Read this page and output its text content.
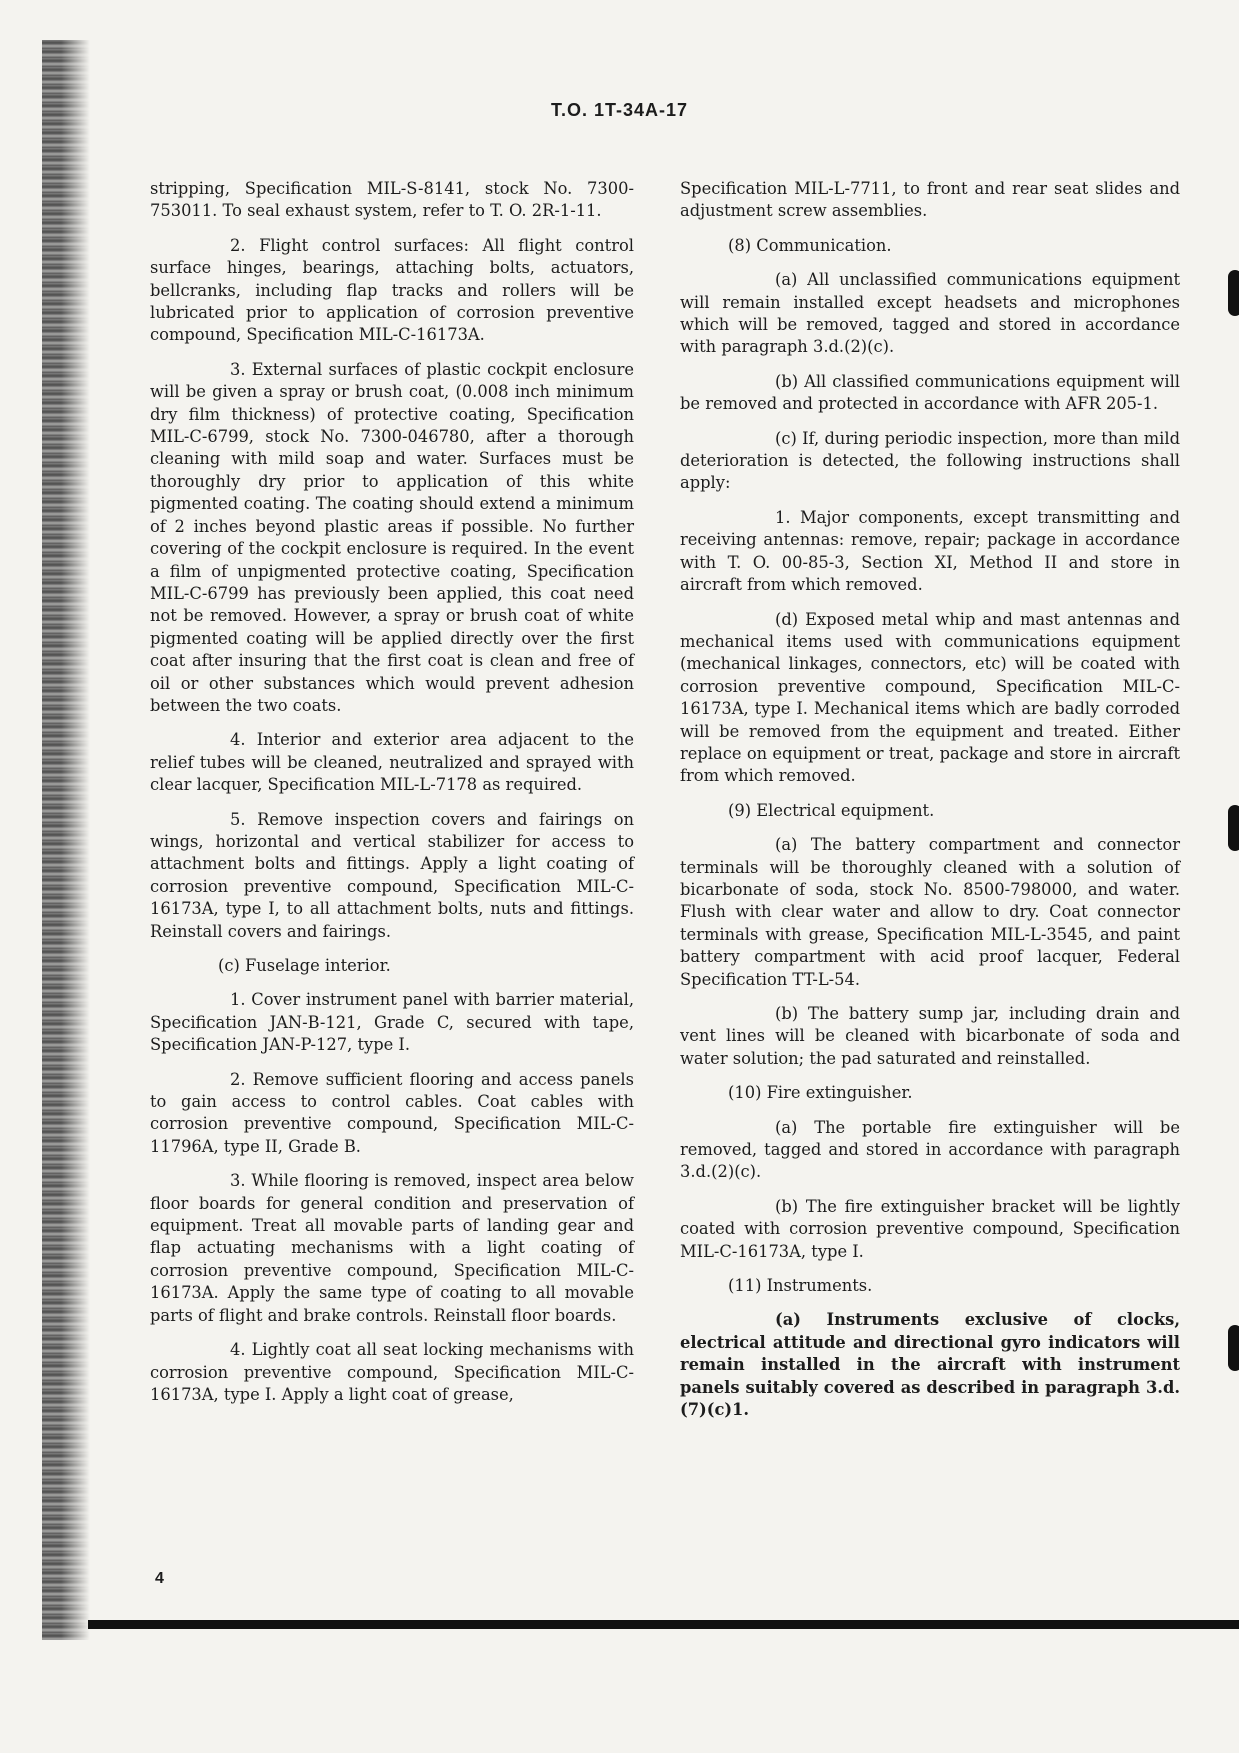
T.O. 1T-34A-17

stripping, Specification MIL-S-8141, stock No. 7300-753011. To seal exhaust system, refer to T. O. 2R-1-11.

2. Flight control surfaces: All flight control surface hinges, bearings, attaching bolts, actuators, bellcranks, including flap tracks and rollers will be lubricated prior to application of corrosion preventive compound, Specification MIL-C-16173A.

3. External surfaces of plastic cockpit enclosure will be given a spray or brush coat, (0.008 inch minimum dry film thickness) of protective coating, Specification MIL-C-6799, stock No. 7300-046780, after a thorough cleaning with mild soap and water. Surfaces must be thoroughly dry prior to application of this white pigmented coating. The coating should extend a minimum of 2 inches beyond plastic areas if possible. No further covering of the cockpit enclosure is required. In the event a film of unpigmented protective coating, Specification MIL-C-6799 has previously been applied, this coat need not be removed. However, a spray or brush coat of white pigmented coating will be applied directly over the first coat after insuring that the first coat is clean and free of oil or other substances which would prevent adhesion between the two coats.

4. Interior and exterior area adjacent to the relief tubes will be cleaned, neutralized and sprayed with clear lacquer, Specification MIL-L-7178 as required.

5. Remove inspection covers and fairings on wings, horizontal and vertical stabilizer for access to attachment bolts and fittings. Apply a light coating of corrosion preventive compound, Specification MIL-C-16173A, type I, to all attachment bolts, nuts and fittings. Reinstall covers and fairings.

(c) Fuselage interior.

1. Cover instrument panel with barrier material, Specification JAN-B-121, Grade C, secured with tape, Specification JAN-P-127, type I.

2. Remove sufficient flooring and access panels to gain access to control cables. Coat cables with corrosion preventive compound, Specification MIL-C-11796A, type II, Grade B.

3. While flooring is removed, inspect area below floor boards for general condition and preservation of equipment. Treat all movable parts of landing gear and flap actuating mechanisms with a light coating of corrosion preventive compound, Specification MIL-C-16173A. Apply the same type of coating to all movable parts of flight and brake controls. Reinstall floor boards.

4. Lightly coat all seat locking mechanisms with corrosion preventive compound, Specification MIL-C-16173A, type I. Apply a light coat of grease,

Specification MIL-L-7711, to front and rear seat slides and adjustment screw assemblies.

(8) Communication.

(a) All unclassified communications equipment will remain installed except headsets and microphones which will be removed, tagged and stored in accordance with paragraph 3.d.(2)(c).

(b) All classified communications equipment will be removed and protected in accordance with AFR 205-1.

(c) If, during periodic inspection, more than mild deterioration is detected, the following instructions shall apply:

1. Major components, except transmitting and receiving antennas: remove, repair; package in accordance with T. O. 00-85-3, Section XI, Method II and store in aircraft from which removed.

(d) Exposed metal whip and mast antennas and mechanical items used with communications equipment (mechanical linkages, connectors, etc) will be coated with corrosion preventive compound, Specification MIL-C-16173A, type I. Mechanical items which are badly corroded will be removed from the equipment and treated. Either replace on equipment or treat, package and store in aircraft from which removed.

(9) Electrical equipment.

(a) The battery compartment and connector terminals will be thoroughly cleaned with a solution of bicarbonate of soda, stock No. 8500-798000, and water. Flush with clear water and allow to dry. Coat connector terminals with grease, Specification MIL-L-3545, and paint battery compartment with acid proof lacquer, Federal Specification TT-L-54.

(b) The battery sump jar, including drain and vent lines will be cleaned with bicarbonate of soda and water solution; the pad saturated and reinstalled.

(10) Fire extinguisher.

(a) The portable fire extinguisher will be removed, tagged and stored in accordance with paragraph 3.d.(2)(c).

(b) The fire extinguisher bracket will be lightly coated with corrosion preventive compound, Specification MIL-C-16173A, type I.

(11) Instruments.

(a) Instruments exclusive of clocks, electrical attitude and directional gyro indicators will remain installed in the aircraft with instrument panels suitably covered as described in paragraph 3.d.(7)(c)1.

4
